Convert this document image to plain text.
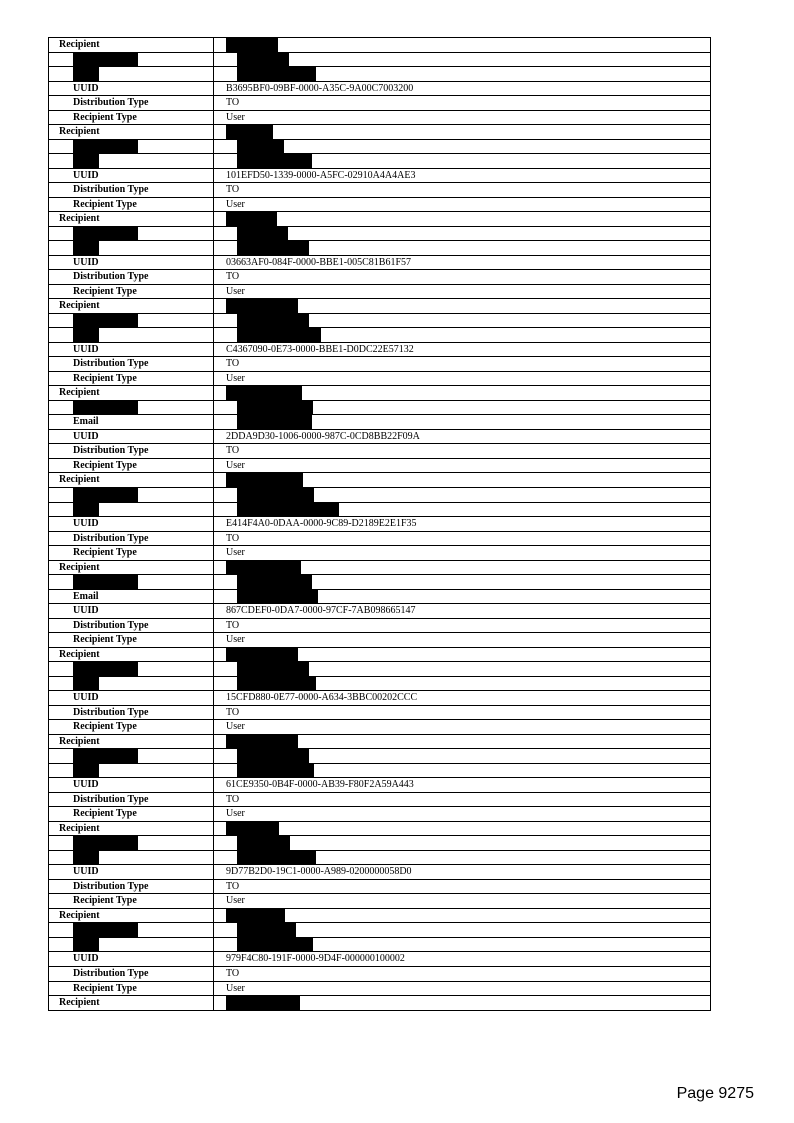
Recipient
UUID	B3695BF0-09BF-0000-A35C-9A00C7003200
Distribution Type	TO
Recipient Type	User
Recipient
UUID	101EFD50-1339-0000-A5FC-02910A4A4AE3
Distribution Type	TO
Recipient Type	User
Recipient
UUID	03663AF0-084F-0000-BBE1-005C81B61F57
Distribution Type	TO
Recipient Type	User
Recipient
UUID	C4367090-0E73-0000-BBE1-D0DC22E57132
Distribution Type	TO
Recipient Type	User
Recipient
Email
UUID	2DDA9D30-1006-0000-987C-0CD8BB22F09A
Distribution Type	TO
Recipient Type	User
Recipient
UUID	E414F4A0-0DAA-0000-9C89-D2189E2E1F35
Distribution Type	TO
Recipient Type	User
Recipient
Email
UUID	867CDEF0-0DA7-0000-97CF-7AB098665147
Distribution Type	TO
Recipient Type	User
Recipient
UUID	15CFD880-0E77-0000-A634-3BBC00202CCC
Distribution Type	TO
Recipient Type	User
Recipient
UUID	61CE9350-0B4F-0000-AB39-F80F2A59A443
Distribution Type	TO
Recipient Type	User
Recipient
UUID	9D77B2D0-19C1-0000-A989-0200000058D0
Distribution Type	TO
Recipient Type	User
Recipient
UUID	979F4C80-191F-0000-9D4F-000000100002
Distribution Type	TO
Recipient Type	User
Recipient
Page 9275
